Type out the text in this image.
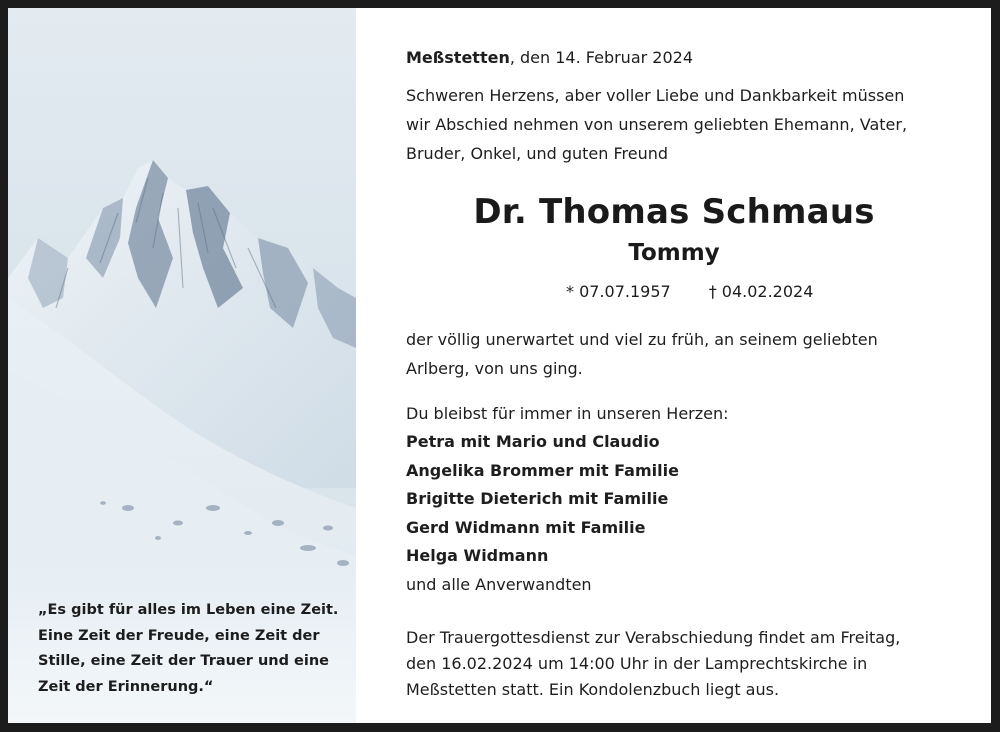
„Es gibt für alles im Leben eine Zeit.
Eine Zeit der Freude, eine Zeit der
Stille, eine Zeit der Trauer und eine
Zeit der Erinnerung.“
Meßstetten, den 14. Februar 2024
Schweren Herzens, aber voller Liebe und Dankbarkeit müssen
wir Abschied nehmen von unserem geliebten Ehemann, Vater,
Bruder, Onkel, und guten Freund
Dr. Thomas Schmaus
Tommy
* 07.07.1957 † 04.02.2024
der völlig unerwartet und viel zu früh, an seinem geliebten
Arlberg, von uns ging.
Du bleibst für immer in unseren Herzen:
Petra mit Mario und Claudio
Angelika Brommer mit Familie
Brigitte Dieterich mit Familie
Gerd Widmann mit Familie
Helga Widmann
und alle Anverwandten
Der Trauergottesdienst zur Verabschiedung findet am Freitag,
den 16.02.2024 um 14:00 Uhr in der Lamprechtskirche in
Meßstetten statt. Ein Kondolenzbuch liegt aus.
